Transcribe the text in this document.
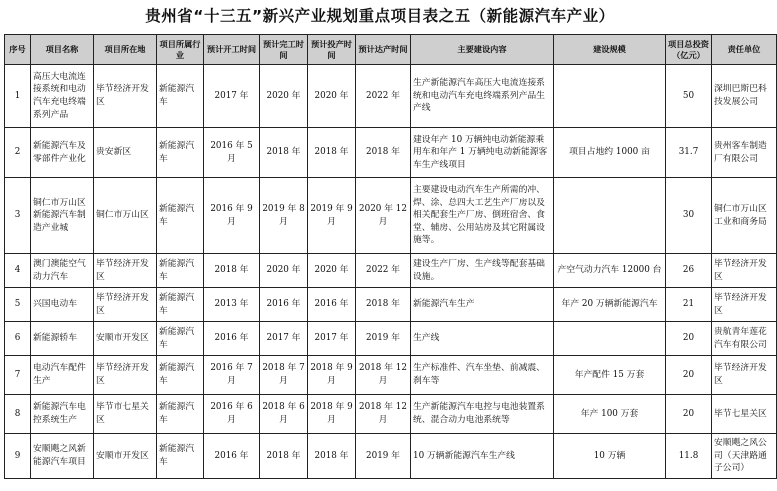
贵州省“十三五”新兴产业规划重点项目表之五（新能源汽车产业）
序号	项目名称	项目所在地	项目所属行业	预计开工时间	预计完工时间	预计投产时间	预计达产时间	主要建设内容	建设规模	项目总投资（亿元）	责任单位
1	高压大电流连接系统和电动汽车充电终端系列产品	毕节经济开发区	新能源汽车	2017 年	2020 年	2020 年	2022 年	生产新能源汽车高压大电流连接系统和电动汽车充电终端系列产品生产线		50	深圳巴斯巴科技发展公司
2	新能源汽车及零部件产业化	贵安新区	新能源汽车	2016 年 5 月	2018 年	2018 年	2018 年	建设年产 10 万辆纯电动新能源乘用车和年产 1 万辆纯电动新能源客车生产线项目	项目占地约 1000 亩	31.7	贵州客车制造厂有限公司
3	铜仁市万山区新能源汽车制造产业城	铜仁市万山区	新能源汽车	2016 年 9 月	2019 年 8 月	2019 年 9 月	2020 年 12 月	主要建设电动汽车生产所需的冲、焊、涂、总四大工艺生产厂房以及相关配套生产厂房、倒班宿舍、食堂、辅房、公用站房及其它附属设施等。		30	铜仁市万山区工业和商务局
4	澳门澳能空气动力汽车	毕节经济开发区	新能源汽车	2018 年	2020 年	2020 年	2022 年	建设生产厂房、生产线等配套基础设施。	产空气动力汽车 12000 台	26	毕节经济开发区
5	兴国电动车	毕节经济开发区	新能源汽车	2013 年	2016 年	2016 年	2018 年	新能源汽车生产	年产 20 万辆新能源汽车	21	毕节经济开发区
6	新能源轿车	安顺市开发区	新能源汽车	2016 年	2017 年	2017 年	2019 年	生产线		20	贵航青年莲花汽车有限公司
7	电动汽车配件生产	毕节经济开发区	新能源汽车	2016 年 7 月	2018 年 7 月	2018 年 9 月	2018 年 12 月	生产标准件、汽车坐垫、前减震、刹车等	年产配件 15 万套	20	毕节经济开发区
8	新能源汽车电控系统生产	毕节市七星关区	新能源汽车	2016 年 6 月	2018 年 6 月	2018 年 9 月	2018 年 12 月	生产新能源汽车电控与电池装置系统、混合动力电池系统等	年产 100 万套	20	毕节七星关区
9	安顺飓之风新能源汽车项目	安顺市开发区	新能源汽车	2016 年	2018 年	2018 年	2019 年	10 万辆新能源汽车生产线	10 万辆	11.8	安顺飓之风公司（天津路通子公司）
